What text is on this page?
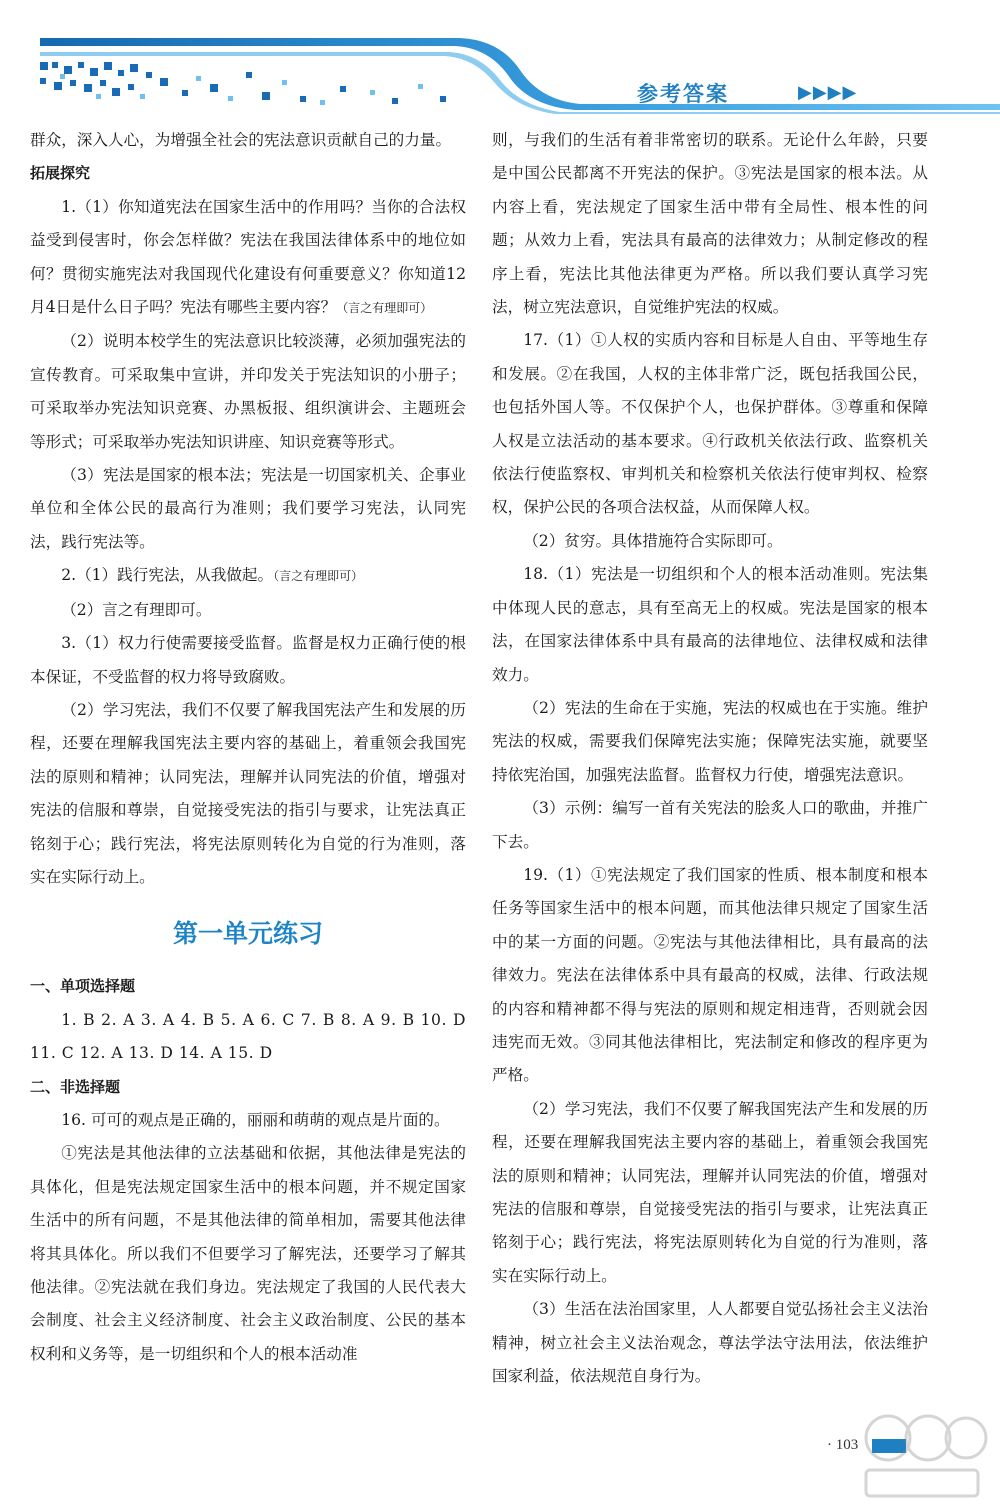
参考答案	▶▶▶▶

群众，深入人心，为增强全社会的宪法意识贡献自己的力量。

拓展探究

1.（1）你知道宪法在国家生活中的作用吗？当你的合法权益受到侵害时，你会怎样做？宪法在我国法律体系中的地位如何？贯彻实施宪法对我国现代化建设有何重要意义？你知道12月4日是什么日子吗？宪法有哪些主要内容？（言之有理即可）

（2）说明本校学生的宪法意识比较淡薄，必须加强宪法的宣传教育。可采取集中宣讲，并印发关于宪法知识的小册子；可采取举办宪法知识竞赛、办黑板报、组织演讲会、主题班会等形式；可采取举办宪法知识讲座、知识竞赛等形式。

（3）宪法是国家的根本法；宪法是一切国家机关、企事业单位和全体公民的最高行为准则；我们要学习宪法，认同宪法，践行宪法等。

2.（1）践行宪法，从我做起。（言之有理即可）

（2）言之有理即可。

3.（1）权力行使需要接受监督。监督是权力正确行使的根本保证，不受监督的权力将导致腐败。

（2）学习宪法，我们不仅要了解我国宪法产生和发展的历程，还要在理解我国宪法主要内容的基础上，着重领会我国宪法的原则和精神；认同宪法，理解并认同宪法的价值，增强对宪法的信服和尊崇，自觉接受宪法的指引与要求，让宪法真正铭刻于心；践行宪法，将宪法原则转化为自觉的行为准则，落实在实际行动上。

第一单元练习

一、单项选择题

1. B 2. A 3. A 4. B 5. A 6. C 7. B 8. A 9. B 10. D 11. C 12. A 13. D 14. A 15. D

二、非选择题

16. 可可的观点是正确的，丽丽和萌萌的观点是片面的。

①宪法是其他法律的立法基础和依据，其他法律是宪法的具体化，但是宪法规定国家生活中的根本问题，并不规定国家生活中的所有问题，不是其他法律的简单相加，需要其他法律将其具体化。所以我们不但要学习了解宪法，还要学习了解其他法律。②宪法就在我们身边。宪法规定了我国的人民代表大会制度、社会主义经济制度、社会主义政治制度、公民的基本权利和义务等，是一切组织和个人的根本活动准

则，与我们的生活有着非常密切的联系。无论什么年龄，只要是中国公民都离不开宪法的保护。③宪法是国家的根本法。从内容上看，宪法规定了国家生活中带有全局性、根本性的问题；从效力上看，宪法具有最高的法律效力；从制定修改的程序上看，宪法比其他法律更为严格。所以我们要认真学习宪法，树立宪法意识，自觉维护宪法的权威。

17.（1）①人权的实质内容和目标是人自由、平等地生存和发展。②在我国，人权的主体非常广泛，既包括我国公民，也包括外国人等。不仅保护个人，也保护群体。③尊重和保障人权是立法活动的基本要求。④行政机关依法行政、监察机关依法行使监察权、审判机关和检察机关依法行使审判权、检察权，保护公民的各项合法权益，从而保障人权。

（2）贫穷。具体措施符合实际即可。

18.（1）宪法是一切组织和个人的根本活动准则。宪法集中体现人民的意志，具有至高无上的权威。宪法是国家的根本法，在国家法律体系中具有最高的法律地位、法律权威和法律效力。

（2）宪法的生命在于实施，宪法的权威也在于实施。维护宪法的权威，需要我们保障宪法实施；保障宪法实施，就要坚持依宪治国，加强宪法监督。监督权力行使，增强宪法意识。

（3）示例：编写一首有关宪法的脍炙人口的歌曲，并推广下去。

19.（1）①宪法规定了我们国家的性质、根本制度和根本任务等国家生活中的根本问题，而其他法律只规定了国家生活中的某一方面的问题。②宪法与其他法律相比，具有最高的法律效力。宪法在法律体系中具有最高的权威，法律、行政法规的内容和精神都不得与宪法的原则和规定相违背，否则就会因违宪而无效。③同其他法律相比，宪法制定和修改的程序更为严格。

（2）学习宪法，我们不仅要了解我国宪法产生和发展的历程，还要在理解我国宪法主要内容的基础上，着重领会我国宪法的原则和精神；认同宪法，理解并认同宪法的价值，增强对宪法的信服和尊崇，自觉接受宪法的指引与要求，让宪法真正铭刻于心；践行宪法，将宪法原则转化为自觉的行为准则，落实在实际行动上。

（3）生活在法治国家里，人人都要自觉弘扬社会主义法治精神，树立社会主义法治观念，尊法学法守法用法，依法维护国家利益，依法规范自身行为。

· 103
